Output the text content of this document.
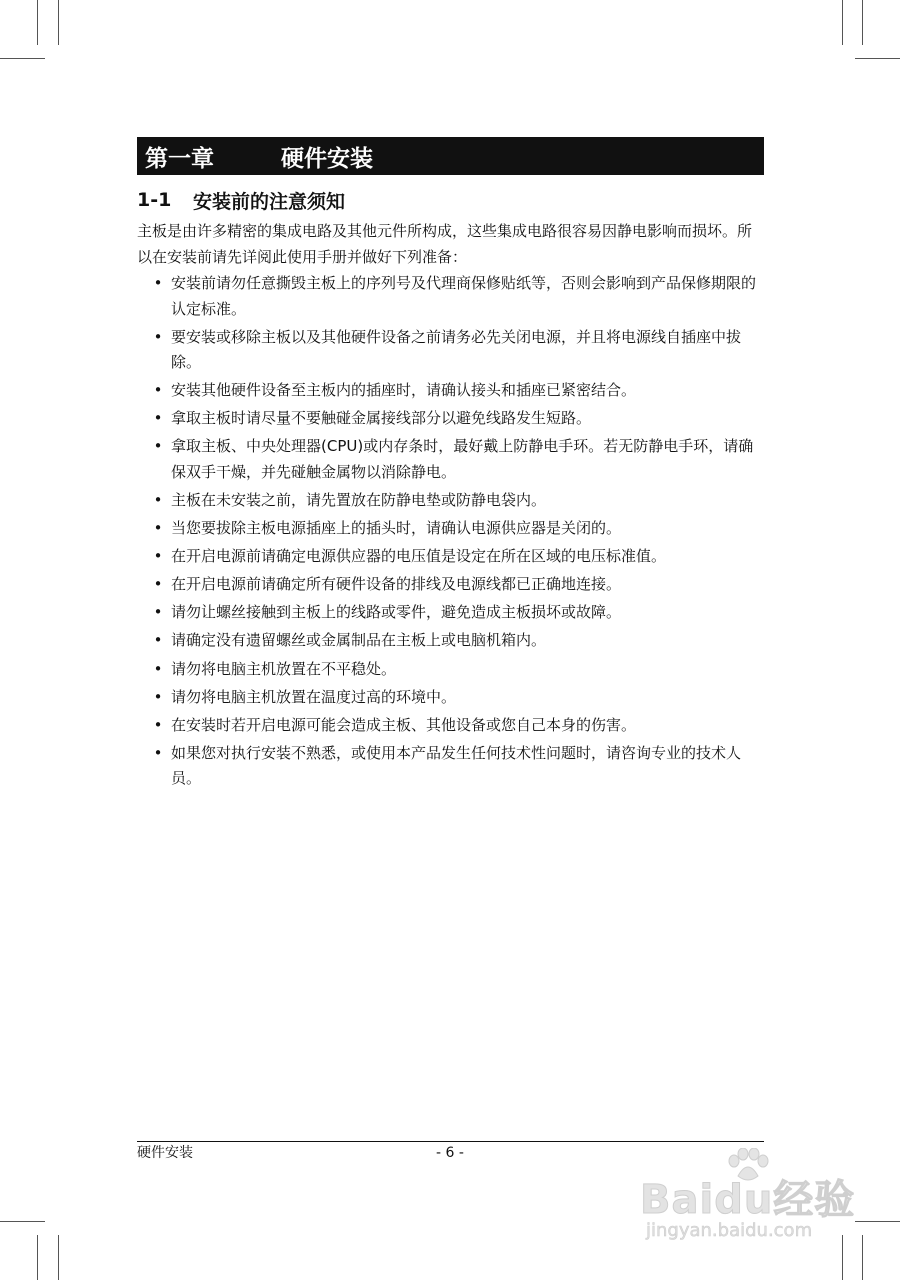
第一章	硬件安装
1-1	安装前的注意须知

主板是由许多精密的集成电路及其他元件所构成，这些集成电路很容易因静电影响而损坏。所以在安装前请先详阅此使用手册并做好下列准备：

• 安装前请勿任意撕毁主板上的序列号及代理商保修贴纸等，否则会影响到产品保修期限的认定标准。
• 要安装或移除主板以及其他硬件设备之前请务必先关闭电源，并且将电源线自插座中拔除。
• 安装其他硬件设备至主板内的插座时，请确认接头和插座已紧密结合。
• 拿取主板时请尽量不要触碰金属接线部分以避免线路发生短路。
• 拿取主板、中央处理器(CPU)或内存条时，最好戴上防静电手环。若无防静电手环，请确保双手干燥，并先碰触金属物以消除静电。
• 主板在未安装之前，请先置放在防静电垫或防静电袋内。
• 当您要拔除主板电源插座上的插头时，请确认电源供应器是关闭的。
• 在开启电源前请确定电源供应器的电压值是设定在所在区域的电压标准值。
• 在开启电源前请确定所有硬件设备的排线及电源线都已正确地连接。
• 请勿让螺丝接触到主板上的线路或零件，避免造成主板损坏或故障。
• 请确定没有遗留螺丝或金属制品在主板上或电脑机箱内。
• 请勿将电脑主机放置在不平稳处。
• 请勿将电脑主机放置在温度过高的环境中。
• 在安装时若开启电源可能会造成主板、其他设备或您自己本身的伤害。
• 如果您对执行安装不熟悉，或使用本产品发生任何技术性问题时，请咨询专业的技术人员。
硬件安装	- 6 -
Baidu经验
jingyan.baidu.com
